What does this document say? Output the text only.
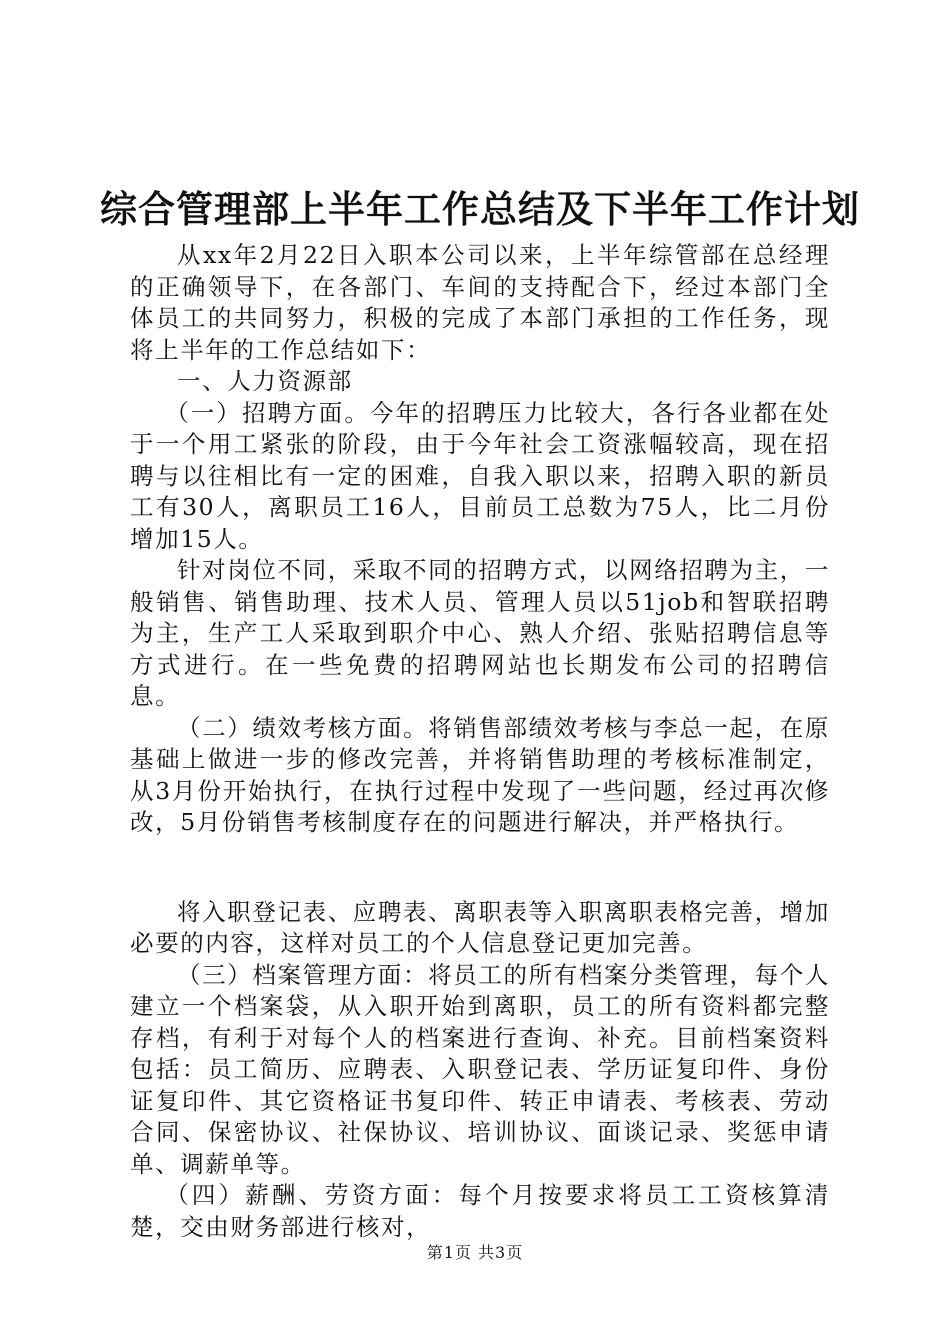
综合管理部上半年工作总结及下半年工作计划

从xx年2月22日入职本公司以来，上半年综管部在总经理的正确领导下，在各部门、车间的支持配合下，经过本部门全体员工的共同努力，积极的完成了本部门承担的工作任务，现将上半年的工作总结如下：

一、人力资源部

（一）招聘方面。今年的招聘压力比较大，各行各业都在处于一个用工紧张的阶段，由于今年社会工资涨幅较高，现在招聘与以往相比有一定的困难，自我入职以来，招聘入职的新员工有30人，离职员工16人，目前员工总数为75人，比二月份增加15人。

针对岗位不同，采取不同的招聘方式，以网络招聘为主，一般销售、销售助理、技术人员、管理人员以51job和智联招聘为主，生产工人采取到职介中心、熟人介绍、张贴招聘信息等方式进行。在一些免费的招聘网站也长期发布公司的招聘信息。

（二）绩效考核方面。将销售部绩效考核与李总一起，在原基础上做进一步的修改完善，并将销售助理的考核标准制定，从3月份开始执行，在执行过程中发现了一些问题，经过再次修改，5月份销售考核制度存在的问题进行解决，并严格执行。

将入职登记表、应聘表、离职表等入职离职表格完善，增加必要的内容，这样对员工的个人信息登记更加完善。

（三）档案管理方面：将员工的所有档案分类管理，每个人建立一个档案袋，从入职开始到离职，员工的所有资料都完整存档，有利于对每个人的档案进行查询、补充。目前档案资料包括：员工简历、应聘表、入职登记表、学历证复印件、身份证复印件、其它资格证书复印件、转正申请表、考核表、劳动合同、保密协议、社保协议、培训协议、面谈记录、奖惩申请单、调薪单等。

（四）薪酬、劳资方面：每个月按要求将员工工资核算清楚，交由财务部进行核对，

第1页 共3页
